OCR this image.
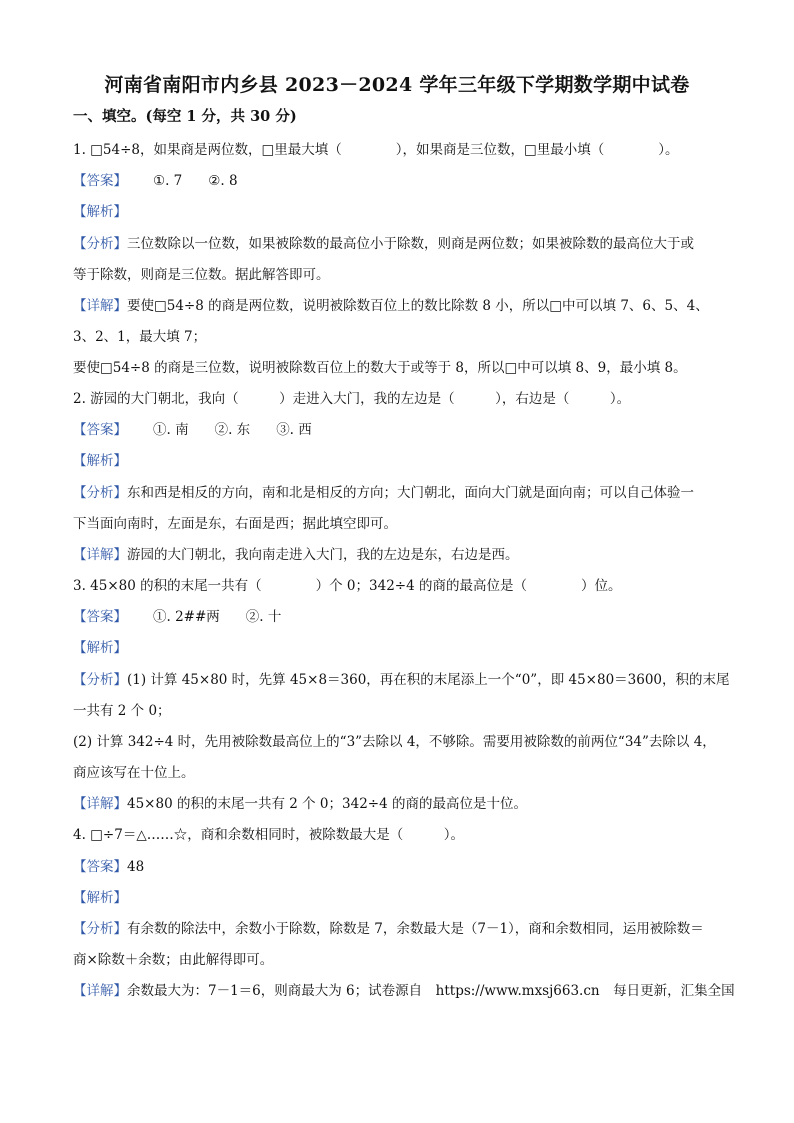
河南省南阳市内乡县 2023－2024 学年三年级下学期数学期中试卷
一、填空。(每空 1 分，共 30 分)
1. □54÷8，如果商是两位数，□里最大填（　　　　），如果商是三位数，□里最小填（　　　　）。
【答案】 ①. 7 ②. 8
【解析】
【分析】三位数除以一位数，如果被除数的最高位小于除数，则商是两位数；如果被除数的最高位大于或
等于除数，则商是三位数。据此解答即可。
【详解】要使□54÷8 的商是两位数，说明被除数百位上的数比除数 8 小，所以□中可以填 7、6、5、4、
3、2、1，最大填 7；
要使□54÷8 的商是三位数，说明被除数百位上的数大于或等于 8，所以□中可以填 8、9，最小填 8。
2. 游园的大门朝北，我向（　　　）走进入大门，我的左边是（　　　），右边是（　　　）。
【答案】 ①. 南 ②. 东 ③. 西
【解析】
【分析】东和西是相反的方向，南和北是相反的方向；大门朝北，面向大门就是面向南；可以自己体验一
下当面向南时，左面是东，右面是西；据此填空即可。
【详解】游园的大门朝北，我向南走进入大门，我的左边是东，右边是西。
3. 45×80 的积的末尾一共有（　　　　）个 0；342÷4 的商的最高位是（　　　　）位。
【答案】 ①. 2##两 ②. 十
【解析】
【分析】(1) 计算 45×80 时，先算 45×8＝360，再在积的末尾添上一个“0”，即 45×80＝3600，积的末尾
一共有 2 个 0；
(2) 计算 342÷4 时，先用被除数最高位上的“3”去除以 4，不够除。需要用被除数的前两位“34”去除以 4，
商应该写在十位上。
【详解】45×80 的积的末尾一共有 2 个 0；342÷4 的商的最高位是十位。
4. □÷7＝△……☆，商和余数相同时，被除数最大是（　　　）。
【答案】48
【解析】
【分析】有余数的除法中，余数小于除数，除数是 7，余数最大是（7－1），商和余数相同，运用被除数＝
商×除数＋余数；由此解得即可。
【详解】余数最大为：7－1＝6，则商最大为 6；试卷源自　https://www.mxsj663.cn　每日更新，汇集全国
